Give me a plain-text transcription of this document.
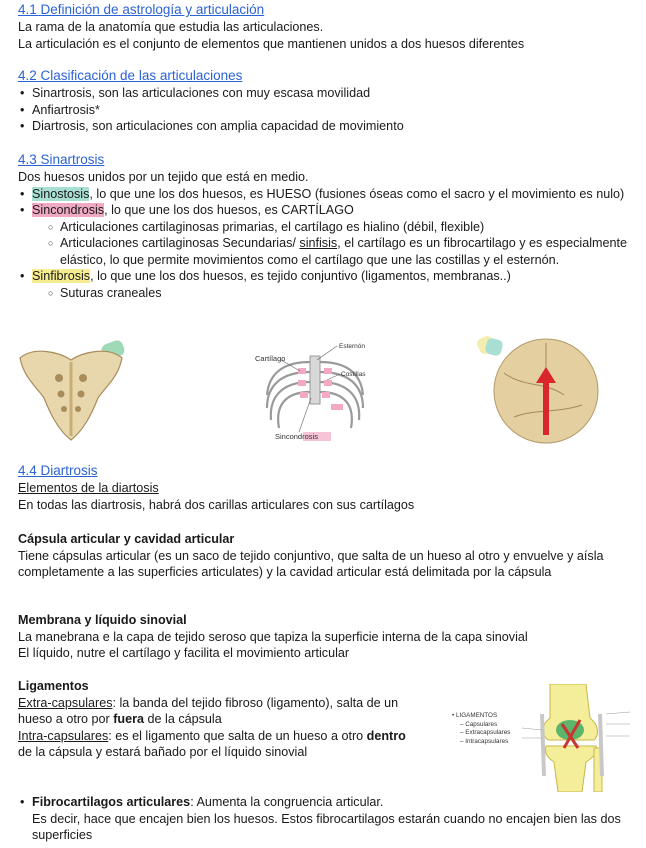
4.1 Definición de astrología y articulación

La rama de la anatomía que estudia las articulaciones.

La articulación es el conjunto de elementos que mantienen unidos a dos huesos diferentes

4.2 Clasificación de las articulaciones
• Sinartrosis, son las articulaciones con muy escasa movilidad
• Anfiartrosis*
• Diartrosis, son articulaciones con amplia capacidad de movimiento
4.3 Sinartrosis

Dos huesos unidos por un tejido que está en medio.

• Sinostosis, lo que une los dos huesos, es HUESO (fusiones óseas como el sacro y el movimiento es nulo)
• Sincondrosis, lo que une los dos huesos, es CARTÍLAGO
○ Articulaciones cartilaginosas primarias, el cartílago es hialino (débil, flexible)
○ Articulaciones cartilaginosas Secundarias/ sinfisis, el cartílago es un fibrocartilago y es especialmente elástico, lo que permite movimientos como el cartílago que une las costillas y el esternón.
• Sinfibrosis, lo que une los dos huesos, es tejido conjuntivo (ligamentos, membranas..)
○ Suturas craneales
Cartílago
Esternón
Costillas
Sincondrosis
4.4 Diartrosis

Elementos de la diartosis

En todas las diartrosis, habrá dos carillas articulares con sus cartílagos

Cápsula articular y cavidad articular

Tiene cápsulas articular (es un saco de tejido conjuntivo, que salta de un hueso al otro y envuelve y aísla completamente a las superficies articulates) y la cavidad articular está delimitada por la cápsula

Membrana y líquido sinovial

La manebrana e la capa de tejido seroso que tapiza la superficie interna de la capa sinovial

El líquido, nutre el cartílago y facilita el movimiento articular

Ligamentos

Extra-capsulares: la banda del tejido fibroso (ligamento), salta de un hueso a otro por fuera de la cápsula

Intra-capsulares: es el ligamento que salta de un hueso a otro dentro de la cápsula y estará bañado por el líquido sinovial

• LIGAMENTOS
– Capsulares
– Extracapsulares
– Intracapsulares
• Fibrocartilagos articulares: Aumenta la congruencia articular.
Es decir, hace que encajen bien los huesos. Estos fibrocartilagos estarán cuando no encajen bien las dos superficies
